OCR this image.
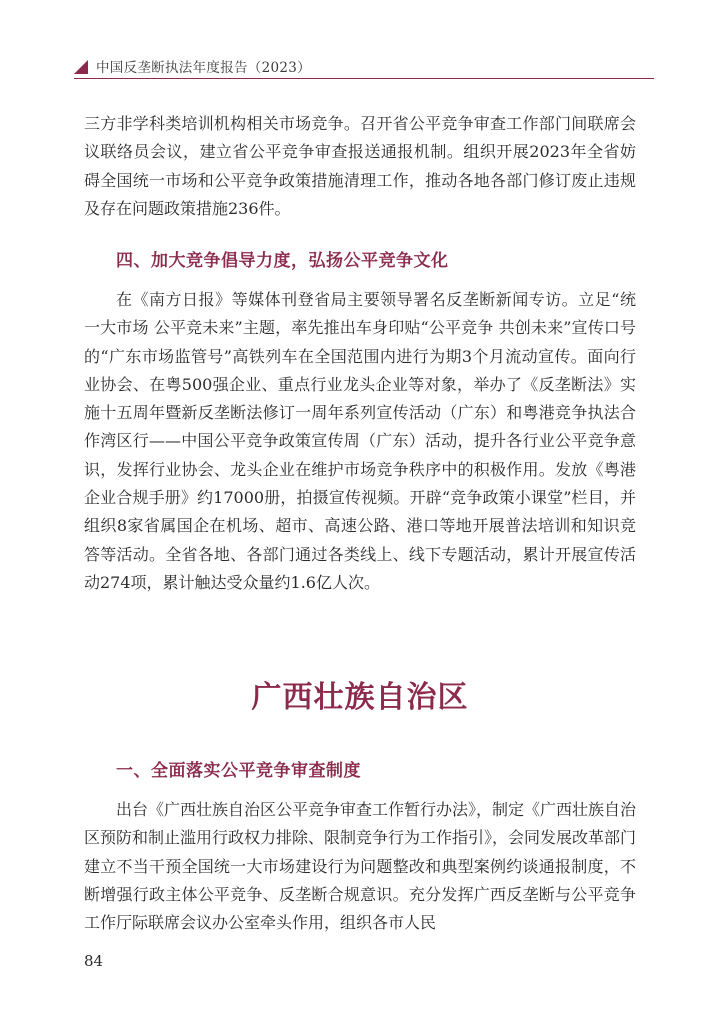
中国反垄断执法年度报告（2023）

三方非学科类培训机构相关市场竞争。召开省公平竞争审查工作部门间联席会议联络员会议，建立省公平竞争审查报送通报机制。组织开展2023年全省妨碍全国统一市场和公平竞争政策措施清理工作，推动各地各部门修订废止违规及存在问题政策措施236件。

四、加大竞争倡导力度，弘扬公平竞争文化

在《南方日报》等媒体刊登省局主要领导署名反垄断新闻专访。立足“统一大市场 公平竞未来”主题，率先推出车身印贴“公平竞争 共创未来”宣传口号的“广东市场监管号”高铁列车在全国范围内进行为期3个月流动宣传。面向行业协会、在粤500强企业、重点行业龙头企业等对象，举办了《反垄断法》实施十五周年暨新反垄断法修订一周年系列宣传活动（广东）和粤港竞争执法合作湾区行——中国公平竞争政策宣传周（广东）活动，提升各行业公平竞争意识，发挥行业协会、龙头企业在维护市场竞争秩序中的积极作用。发放《粤港企业合规手册》约17000册，拍摄宣传视频。开辟“竞争政策小课堂”栏目，并组织8家省属国企在机场、超市、高速公路、港口等地开展普法培训和知识竞答等活动。全省各地、各部门通过各类线上、线下专题活动，累计开展宣传活动274项，累计触达受众量约1.6亿人次。

广西壮族自治区
一、全面落实公平竞争审查制度

出台《广西壮族自治区公平竞争审查工作暂行办法》，制定《广西壮族自治区预防和制止滥用行政权力排除、限制竞争行为工作指引》，会同发展改革部门建立不当干预全国统一大市场建设行为问题整改和典型案例约谈通报制度，不断增强行政主体公平竞争、反垄断合规意识。充分发挥广西反垄断与公平竞争工作厅际联席会议办公室牵头作用，组织各市人民

84
